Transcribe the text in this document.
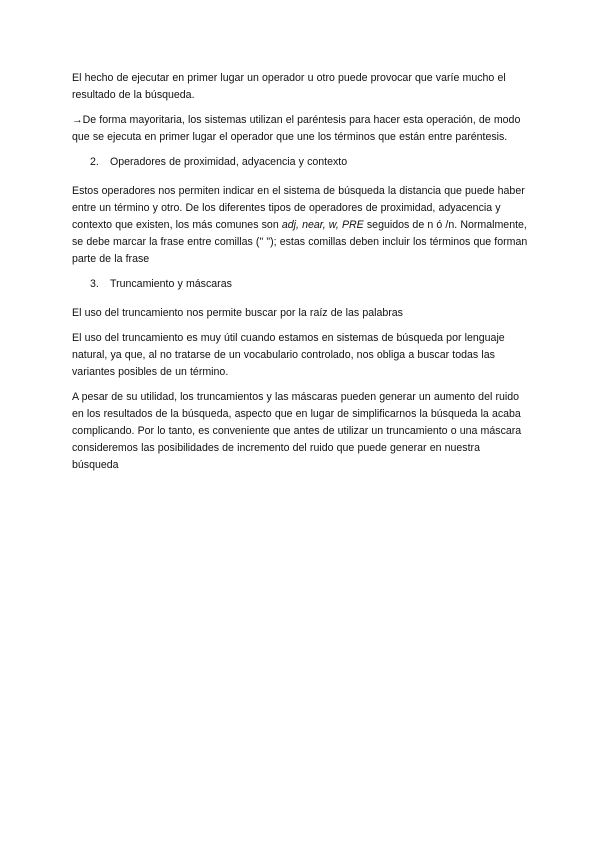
El hecho de ejecutar en primer lugar un operador u otro puede provocar que varíe mucho el resultado de la búsqueda.

→De forma mayoritaria, los sistemas utilizan el paréntesis para hacer esta operación, de modo que se ejecuta en primer lugar el operador que une los términos que están entre paréntesis.

2.	Operadores de proximidad, adyacencia y contexto

Estos operadores nos permiten indicar en el sistema de búsqueda la distancia que puede haber entre un término y otro. De los diferentes tipos de operadores de proximidad, adyacencia y contexto que existen, los más comunes son adj, near, w, PRE seguidos de n ó /n. Normalmente, se debe marcar la frase entre comillas (" "); estas comillas deben incluir los términos que forman parte de la frase

3.	Truncamiento y máscaras

El uso del truncamiento nos permite buscar por la raíz de las palabras

El uso del truncamiento es muy útil cuando estamos en sistemas de búsqueda por lenguaje natural, ya que, al no tratarse de un vocabulario controlado, nos obliga a buscar todas las variantes posibles de un término.

A pesar de su utilidad, los truncamientos y las máscaras pueden generar un aumento del ruido en los resultados de la búsqueda, aspecto que en lugar de simplificarnos la búsqueda la acaba complicando. Por lo tanto, es conveniente que antes de utilizar un truncamiento o una máscara consideremos las posibilidades de incremento del ruido que puede generar en nuestra búsqueda
